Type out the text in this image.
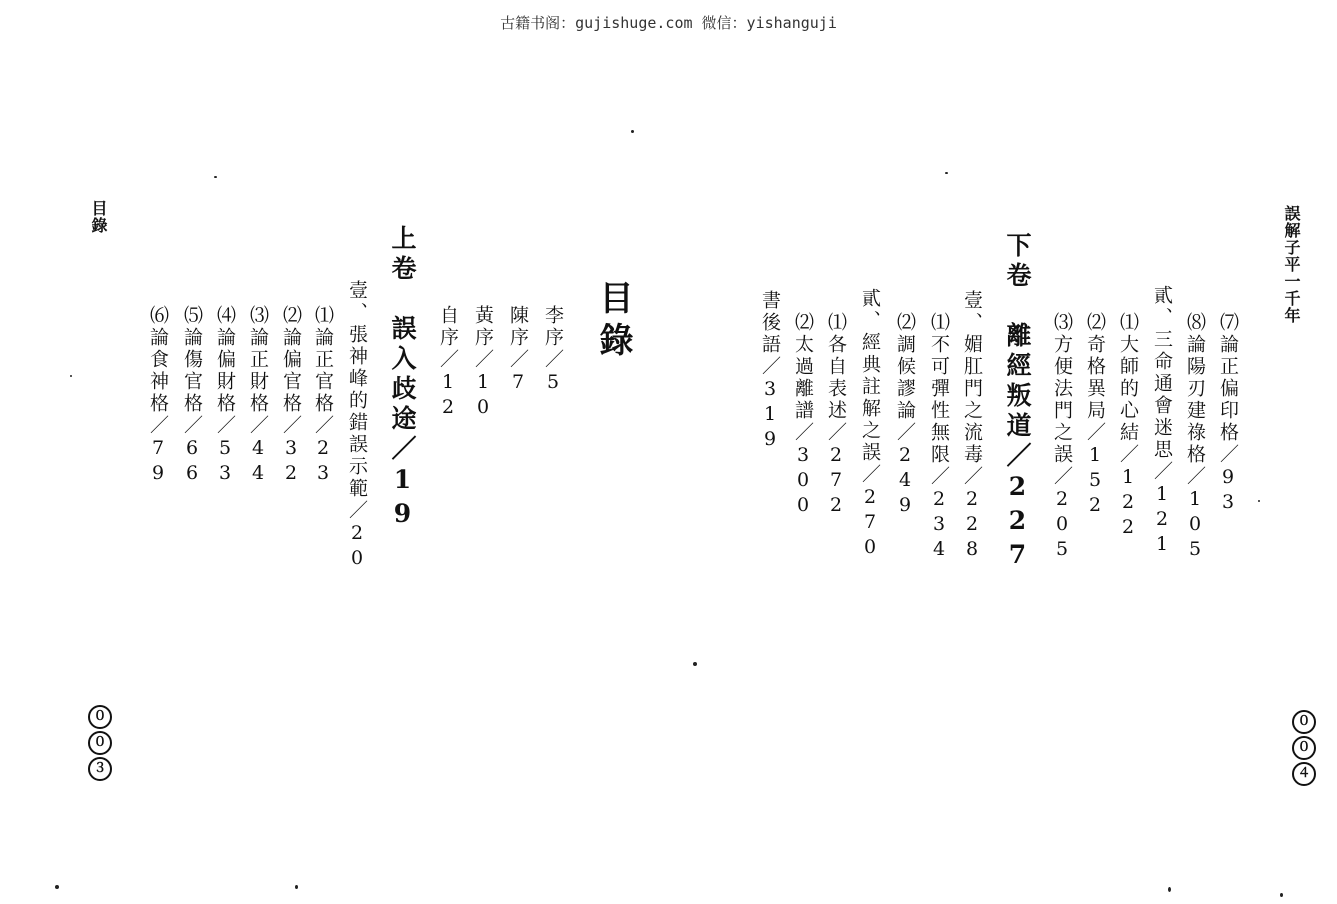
古籍书阁：gujishuge.com 微信：yishanguji
目錄
目錄
李序／5
陳序／7
黃序／10
自序／12
上卷　誤入歧途／19
壹、張神峰的錯誤示範／20
⑴論正官格／23
⑵論偏官格／32
⑶論正財格／44
⑷論偏財格／53
⑸論傷官格／66
⑹論食神格／79
０
０
３
誤解子平一千年
⑺論正偏印格／93
⑻論陽刃建祿格／105
貳、三命通會迷思／121
⑴大師的心結／122
⑵奇格異局／152
⑶方便法門之誤／205
下卷　離經叛道／227
壹、媚肛門之流毒／228
⑴不可彈性無限／234
⑵調候謬論／249
貳、經典註解之誤／270
⑴各自表述／272
⑵太過離譜／300
書後語／319
０
０
４
